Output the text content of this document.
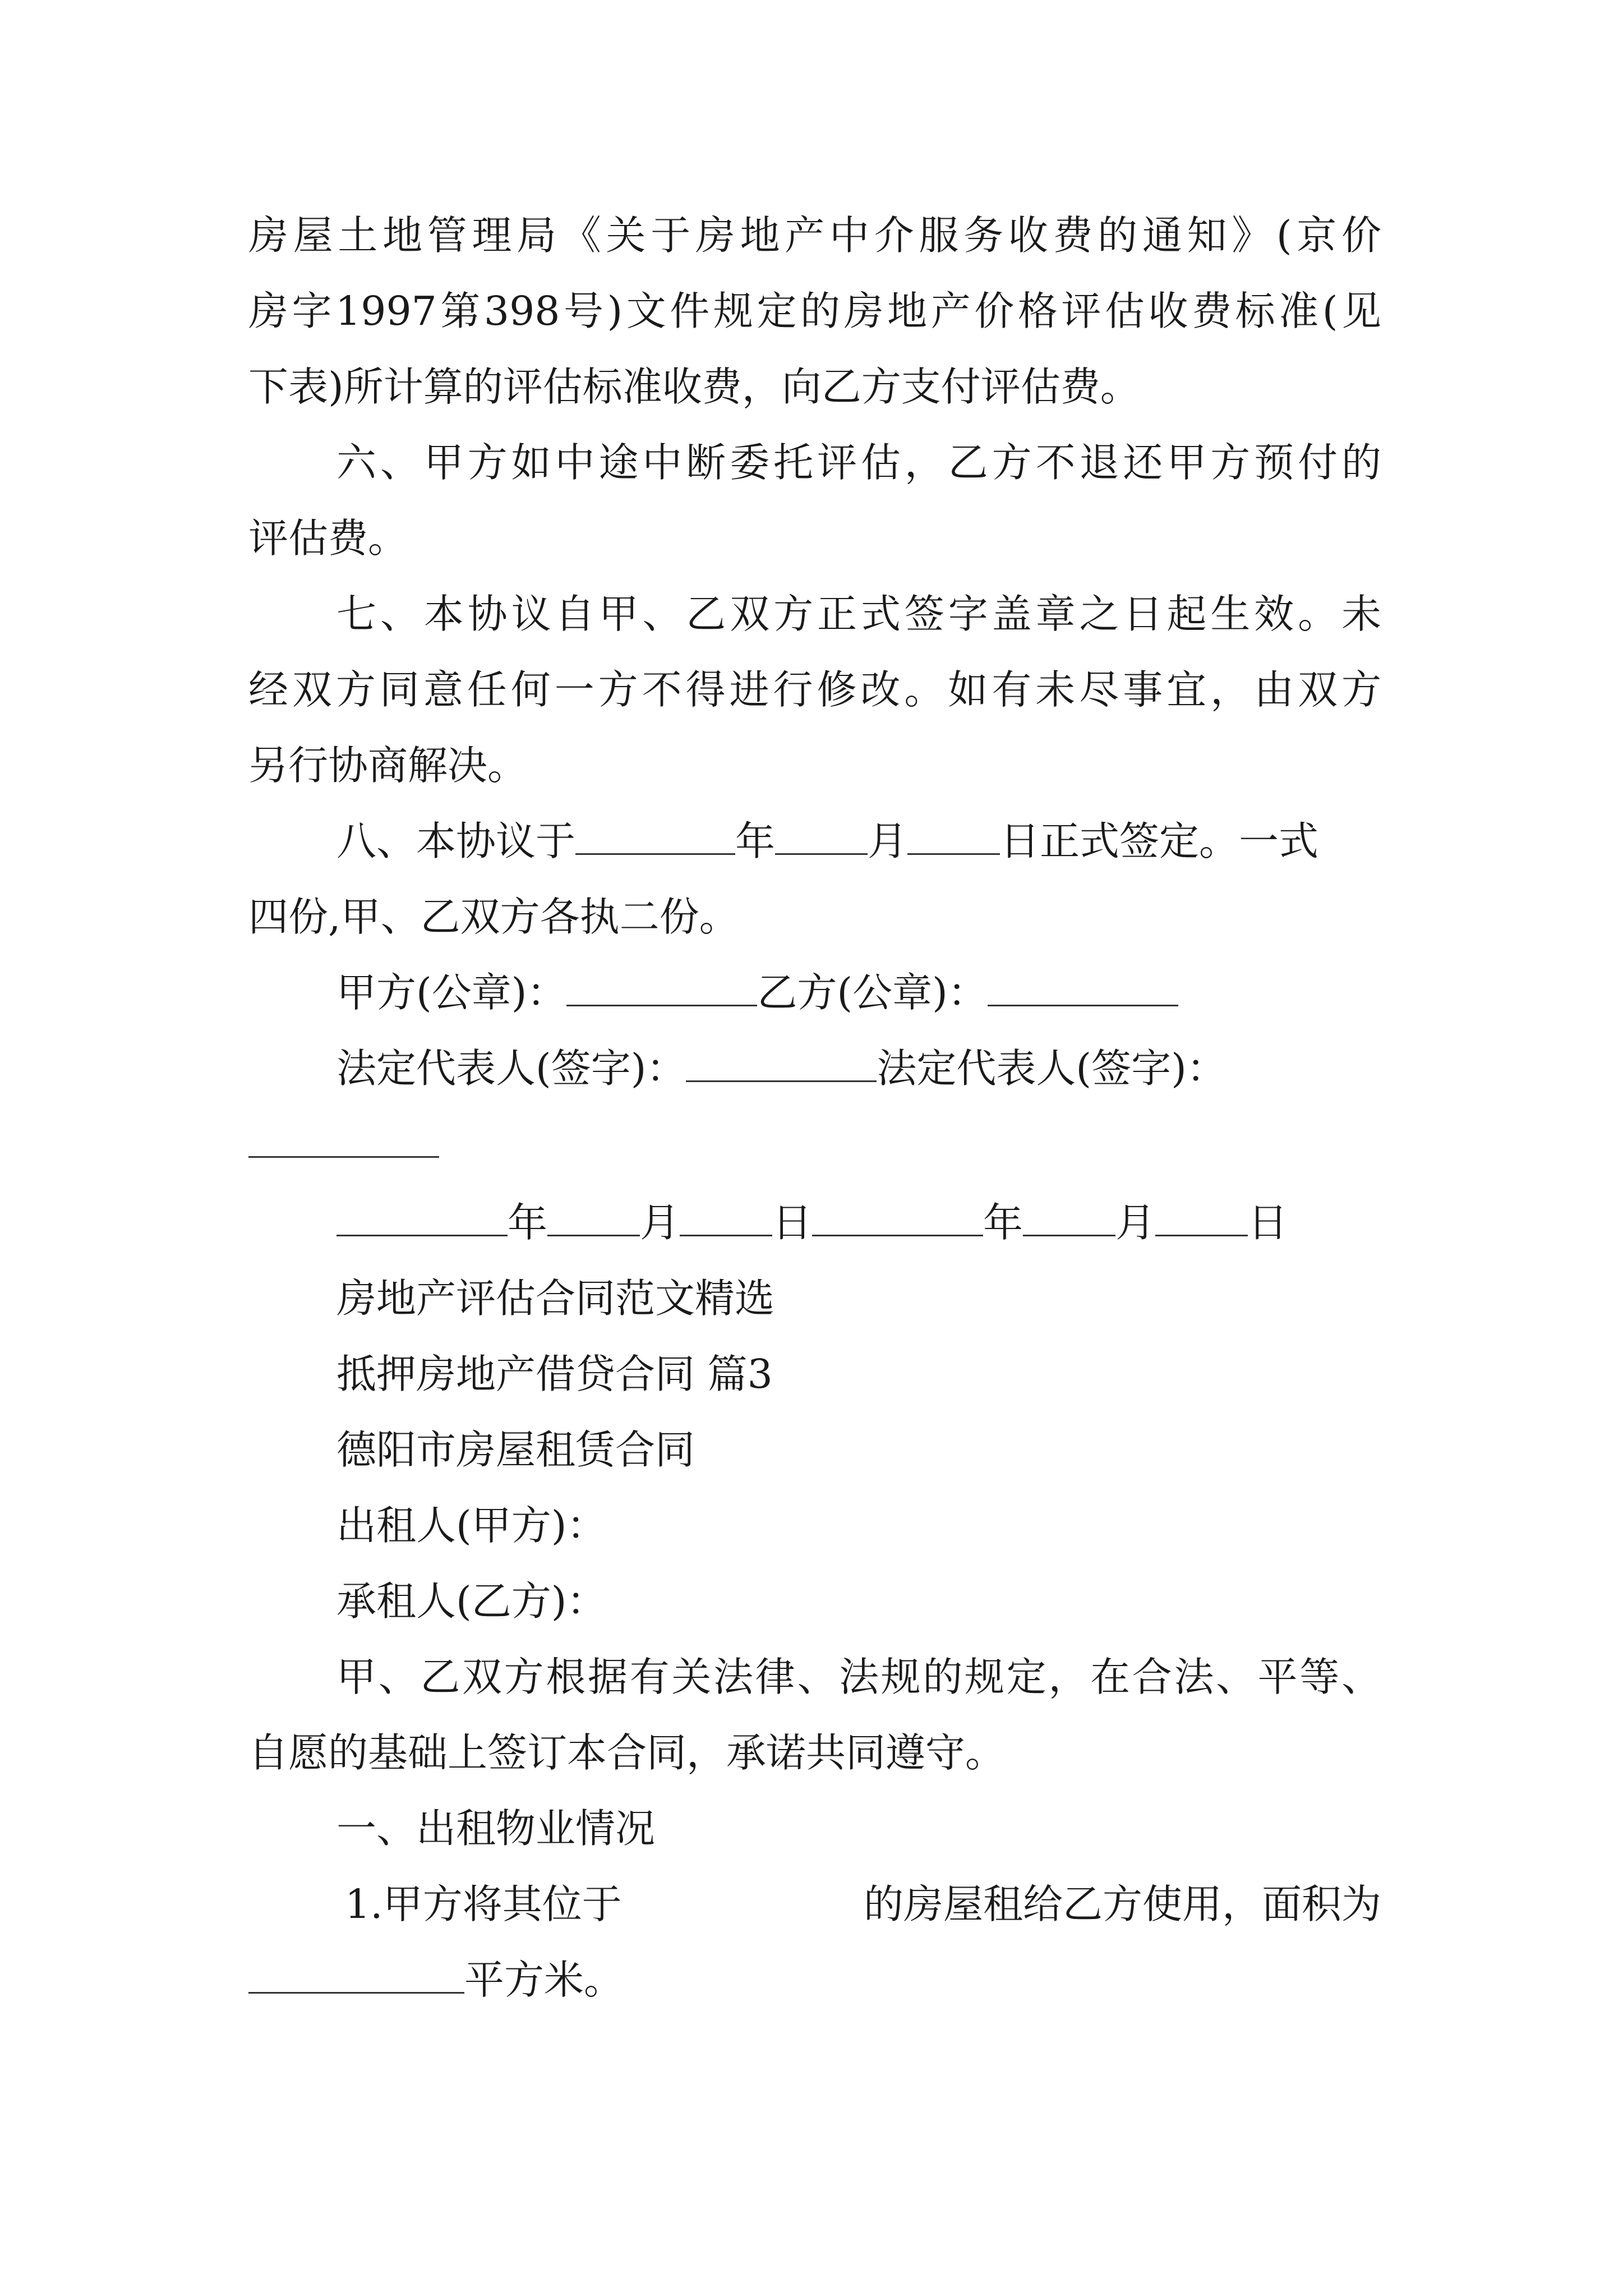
房屋土地管理局《关于房地产中介服务收费的通知》(京价
房字1997第398号)文件规定的房地产价格评估收费标准(见
下表)所计算的评估标准收费，向乙方支付评估费。
六、甲方如中途中断委托评估，乙方不退还甲方预付的
评估费。
七、本协议自甲、乙双方正式签字盖章之日起生效。未
经双方同意任何一方不得进行修改。如有未尽事宜，由双方
另行协商解决。
八、本协议于	年 月 日正式签定。一式
四份,甲、乙双方各执二份。
甲方(公章)：	乙方(公章)：
法定代表人(签字)：	法定代表人(签字)：
年 月 日	年 月 日
房地产评估合同范文精选
抵押房地产借贷合同 篇3
德阳市房屋租赁合同
出租人(甲方)：
承租人(乙方)：
甲、乙双方根据有关法律、法规的规定，在合法、平等、
自愿的基础上签订本合同，承诺共同遵守。
一、出租物业情况
1.甲方将其位于	的房屋租给乙方使用，面积为
平方米。
